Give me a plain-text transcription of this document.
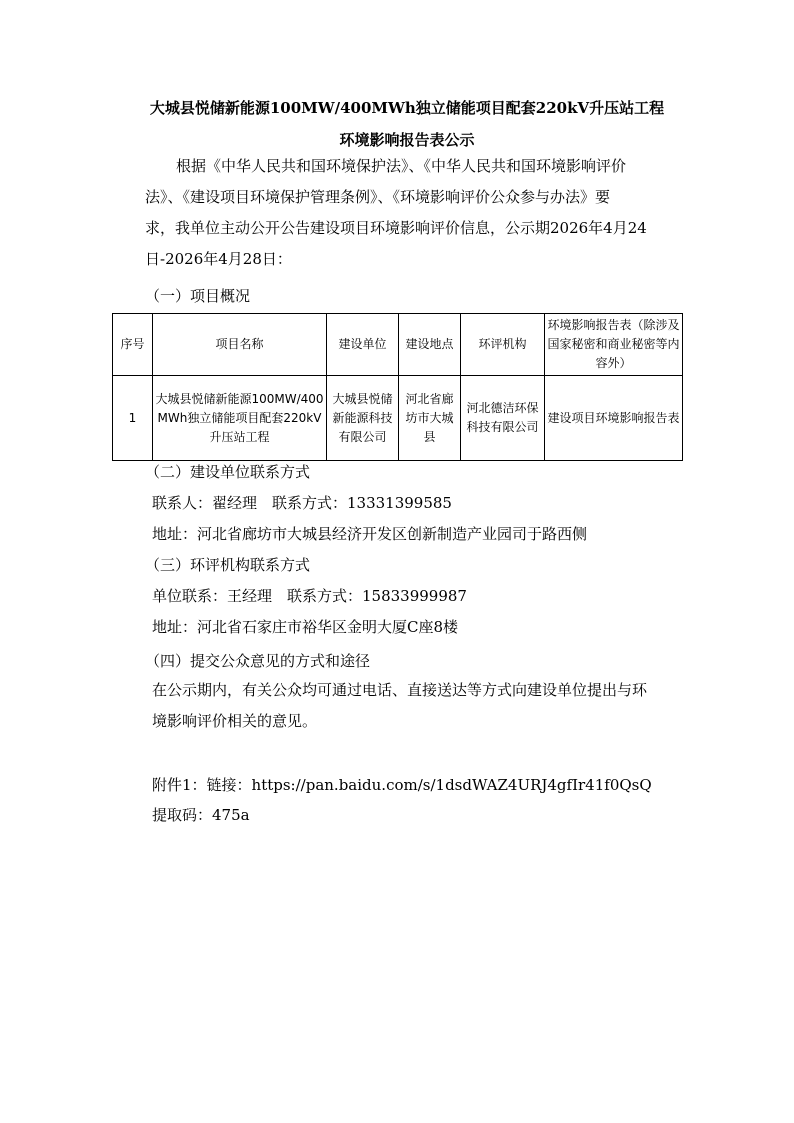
大城县悦储新能源100MW/400MWh独立储能项目配套220kV升压站工程
环境影响报告表公示
根据《中华人民共和国环境保护法》、《中华人民共和国环境影响评价
法》、《建设项目环境保护管理条例》、《环境影响评价公众参与办法》要
求，我单位主动公开公告建设项目环境影响评价信息，公示期2026年4月24
日-2026年4月28日：
（一）项目概况
序号	项目名称	建设单位	建设地点	环评机构	环境影响报告表（除涉及国家秘密和商业秘密等内容外）
1	大城县悦储新能源100MW/400MWh独立储能项目配套220kV升压站工程	大城县悦储新能源科技有限公司	河北省廊坊市大城县	河北德洁环保科技有限公司	建设项目环境影响报告表
（二）建设单位联系方式
联系人：翟经理　联系方式：13331399585
地址：河北省廊坊市大城县经济开发区创新制造产业园司于路西侧
（三）环评机构联系方式
单位联系：王经理　联系方式：15833999987
地址：河北省石家庄市裕华区金明大厦C座8楼
（四）提交公众意见的方式和途径
在公示期内，有关公众均可通过电话、直接送达等方式向建设单位提出与环
境影响评价相关的意见。
附件1：链接：https://pan.baidu.com/s/1dsdWAZ4URJ4gfIr41f0QsQ
提取码：475a
